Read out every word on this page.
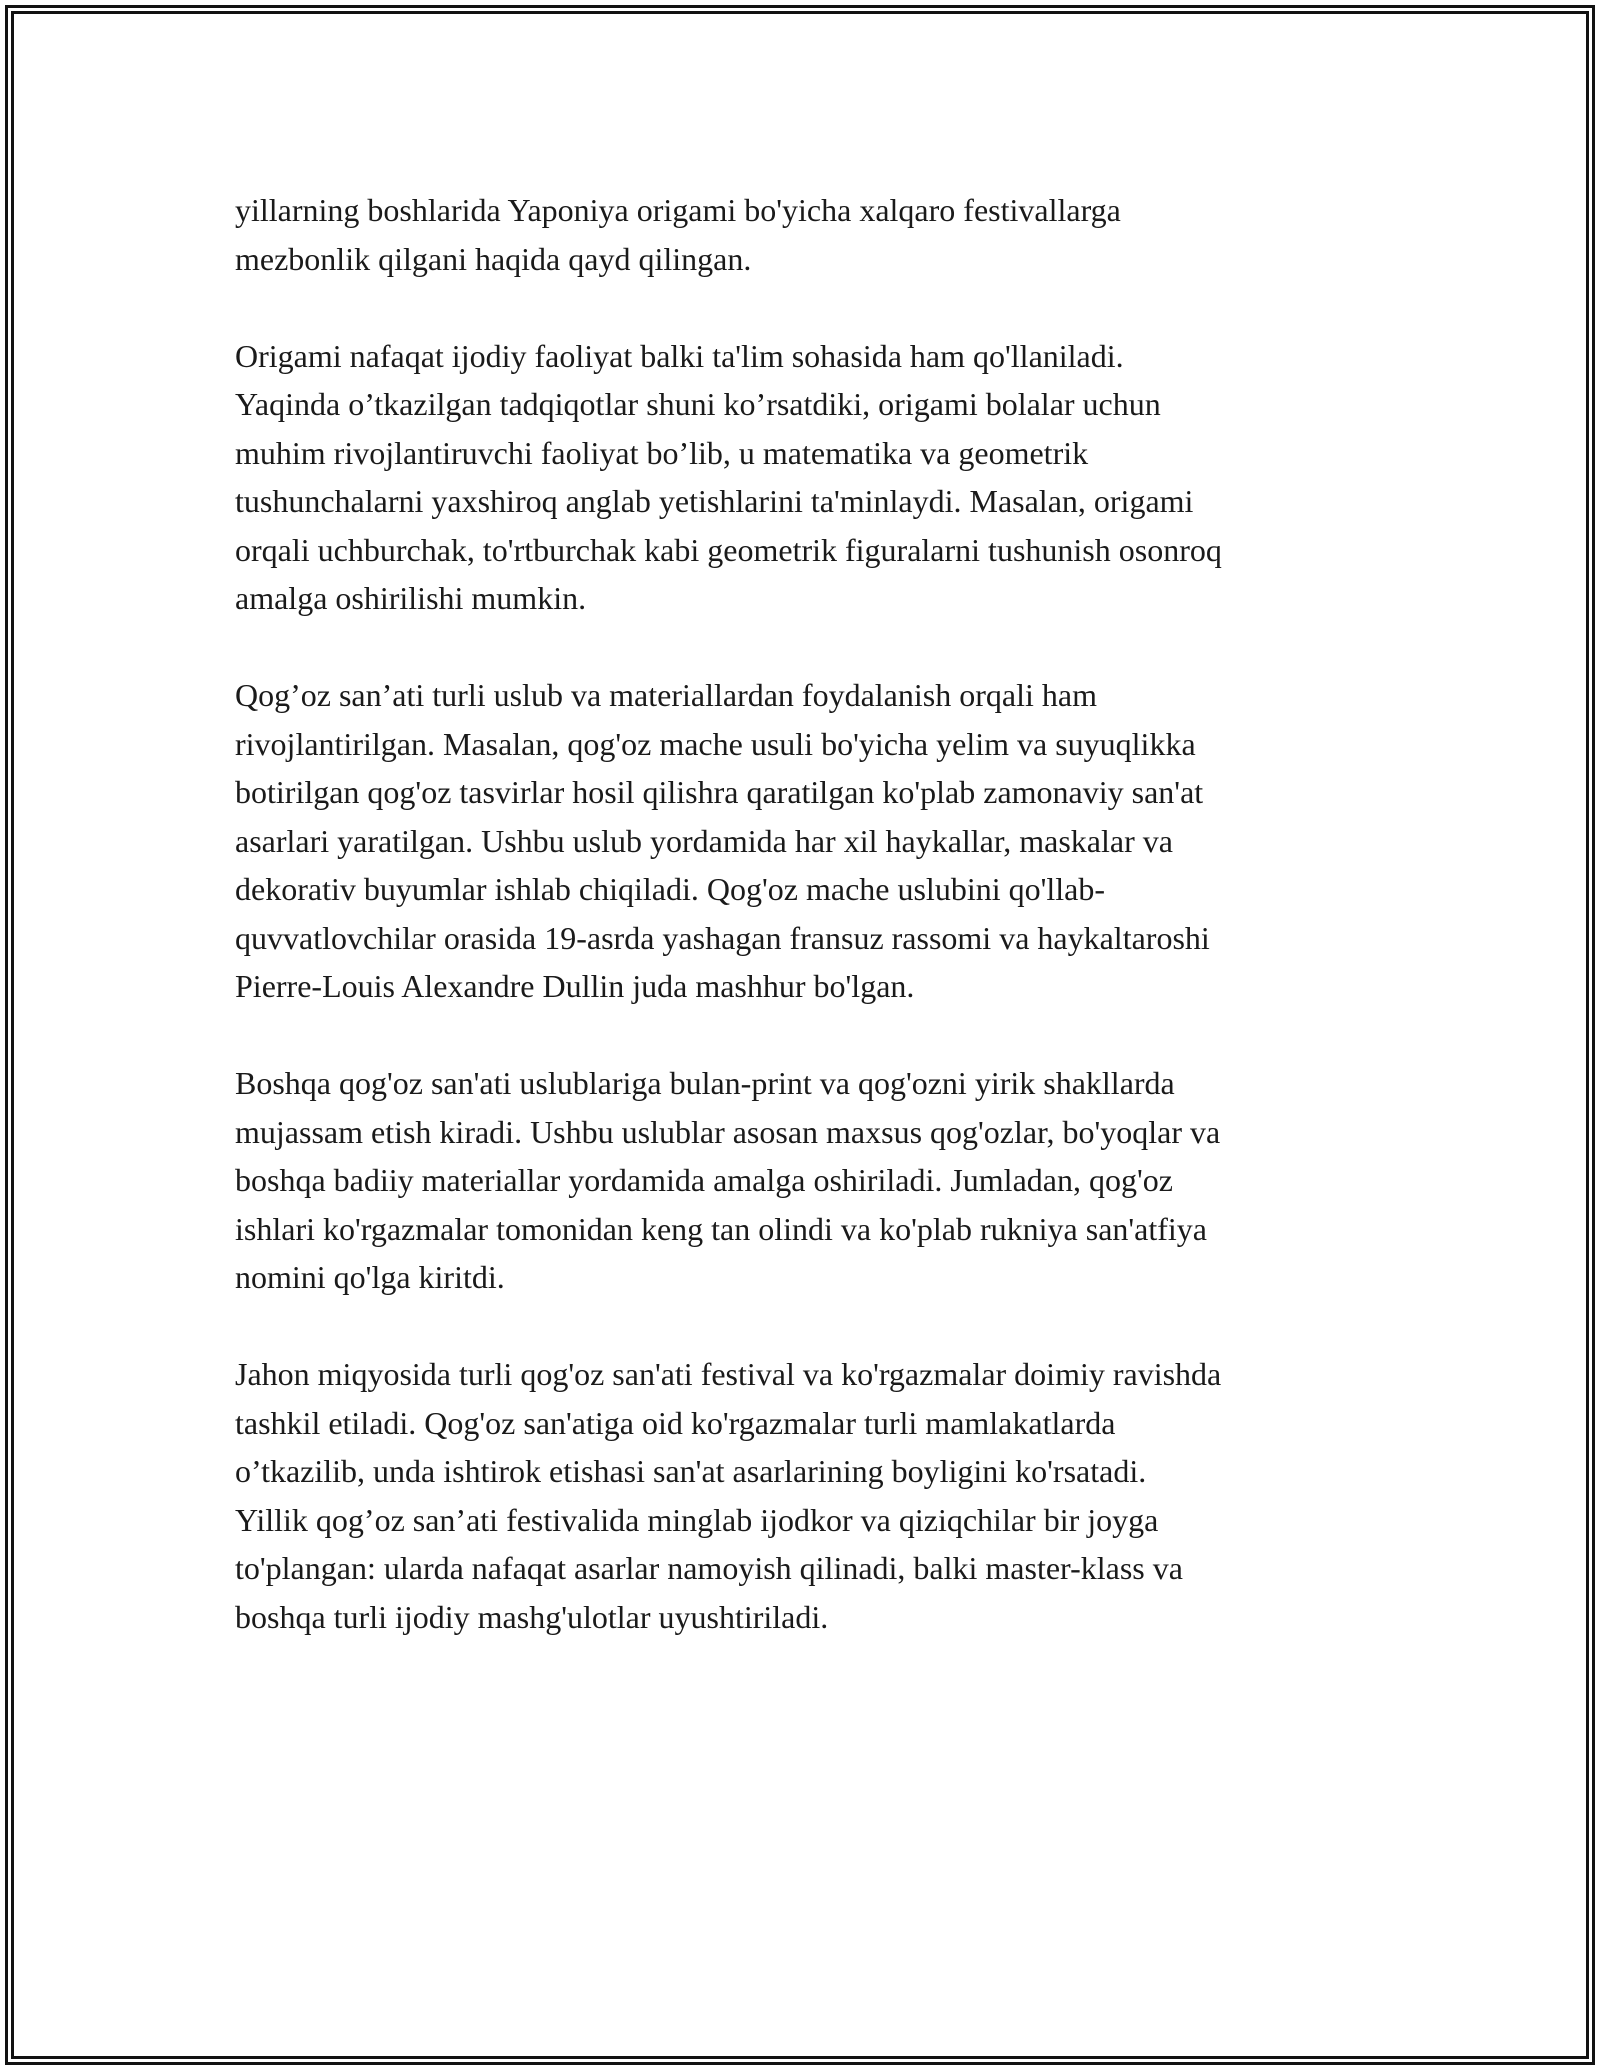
yillarning boshlarida Yaponiya origami bo'yicha xalqaro festivallarga
mezbonlik qilgani haqida qayd qilingan.

Origami nafaqat ijodiy faoliyat balki ta'lim sohasida ham qo'llaniladi.
Yaqinda o’tkazilgan tadqiqotlar shuni ko’rsatdiki, origami bolalar uchun
muhim rivojlantiruvchi faoliyat bo’lib, u matematika va geometrik
tushunchalarni yaxshiroq anglab yetishlarini ta'minlaydi. Masalan, origami
orqali uchburchak, to'rtburchak kabi geometrik figuralarni tushunish osonroq
amalga oshirilishi mumkin.

Qog’oz san’ati turli uslub va materiallardan foydalanish orqali ham
rivojlantirilgan. Masalan, qog'oz mache usuli bo'yicha yelim va suyuqlikka
botirilgan qog'oz tasvirlar hosil qilishra qaratilgan ko'plab zamonaviy san'at
asarlari yaratilgan. Ushbu uslub yordamida har xil haykallar, maskalar va
dekorativ buyumlar ishlab chiqiladi. Qog'oz mache uslubini qo'llab-
quvvatlovchilar orasida 19-asrda yashagan fransuz rassomi va haykaltaroshi
Pierre-Louis Alexandre Dullin juda mashhur bo'lgan.

Boshqa qog'oz san'ati uslublariga bulan-print va qog'ozni yirik shakllarda
mujassam etish kiradi. Ushbu uslublar asosan maxsus qog'ozlar, bo'yoqlar va
boshqa badiiy materiallar yordamida amalga oshiriladi. Jumladan, qog'oz
ishlari ko'rgazmalar tomonidan keng tan olindi va ko'plab rukniya san'atfiya
nomini qo'lga kiritdi.

Jahon miqyosida turli qog'oz san'ati festival va ko'rgazmalar doimiy ravishda
tashkil etiladi. Qog'oz san'atiga oid ko'rgazmalar turli mamlakatlarda
o’tkazilib, unda ishtirok etishasi san'at asarlarining boyligini ko'rsatadi.
Yillik qog’oz san’ati festivalida minglab ijodkor va qiziqchilar bir joyga
to'plangan: ularda nafaqat asarlar namoyish qilinadi, balki master-klass va
boshqa turli ijodiy mashg'ulotlar uyushtiriladi.
